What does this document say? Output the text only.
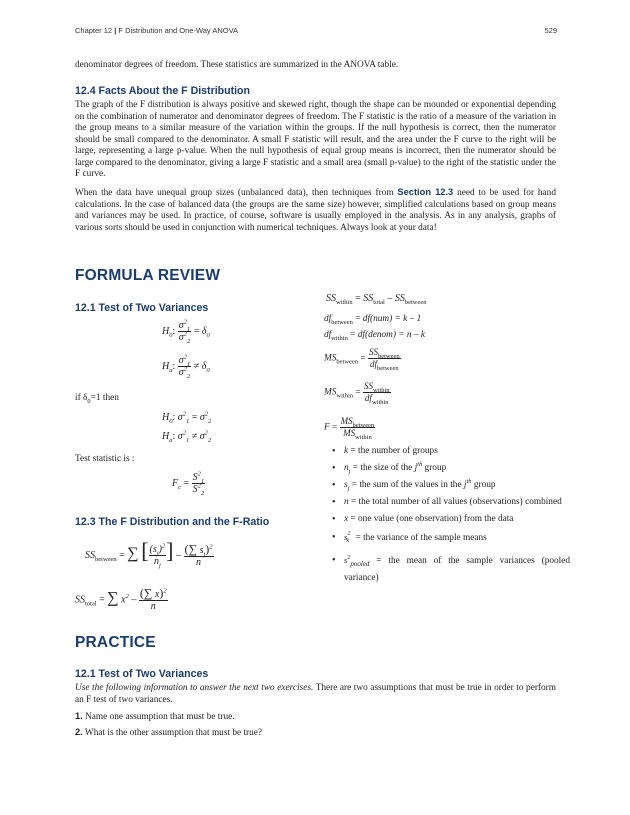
Chapter 12 | F Distribution and One-Way ANOVA	529
denominator degrees of freedom. These statistics are summarized in the ANOVA table.
12.4 Facts About the F Distribution
The graph of the F distribution is always positive and skewed right, though the shape can be mounded or exponential depending on the combination of numerator and denominator degrees of freedom. The F statistic is the ratio of a measure of the variation in the group means to a similar measure of the variation within the groups. If the null hypothesis is correct, then the numerator should be small compared to the denominator. A small F statistic will result, and the area under the F curve to the right will be large, representing a large p-value. When the null hypothesis of equal group means is incorrect, then the numerator should be large compared to the denominator, giving a large F statistic and a small area (small p-value) to the right of the statistic under the F curve.
When the data have unequal group sizes (unbalanced data), then techniques from Section 12.3 need to be used for hand calculations. In the case of balanced data (the groups are the same size) however, simplified calculations based on group means and variances may be used. In practice, of course, software is usually employed in the analysis. As in any analysis, graphs of various sorts should be used in conjunction with numerical techniques. Always look at your data!
FORMULA REVIEW
12.1 Test of Two Variances
$H_0$: $\frac{\sigma^2_1}{\sigma^2_2} = \delta_0$
$H_a$: $\frac{\sigma^2_1}{\sigma^2_2} \ne \delta_0$
if $\delta_0=1$ then
$H_0$: $\sigma^2_1 = \sigma^2_2$
$H_a$: $\sigma^2_1 \ne \sigma^2_2$
Test statistic is :
$F_c = \frac{S^2_1}{S^2_2}$
12.3 The F Distribution and the F-Ratio
$SS_{between}$ = ∑ [ $\frac{(s_j)^2}{n_j}$ ] – $\frac{(\sum s_j)^2}{n}$
$SS_{total}$ = ∑ $x^2 - \frac{(\sum x)^2}{n}$
$SS_{within} = SS_{total} - SS_{between}$
$df_{between} = df(num) = k - 1$
$df_{within}$ = df(denom) = n – k
$MS_{between}$ =
$SS_{between}$
$df_{between}$
$MS_{within}$ =
$SS_{within}$
$df_{within}$
F =
$MS_{between}$
$MS_{within}$
• k = the number of groups
• $n_j$ = the size of the $j^{th}$ group
• $s_j$ = the sum of the values in the $j^{th}$ group
• n = the total number of all values (observations) combined
• x = one value (one observation) from the data
• $s^2_{x̄}$ = the variance of the sample means
• $s^2_{pooled}$ = the mean of the sample variances (pooled variance)
PRACTICE
12.1 Test of Two Variances
Use the following information to answer the next two exercises. There are two assumptions that must be true in order to perform an F test of two variances.
1. Name one assumption that must be true.
2. What is the other assumption that must be true?
